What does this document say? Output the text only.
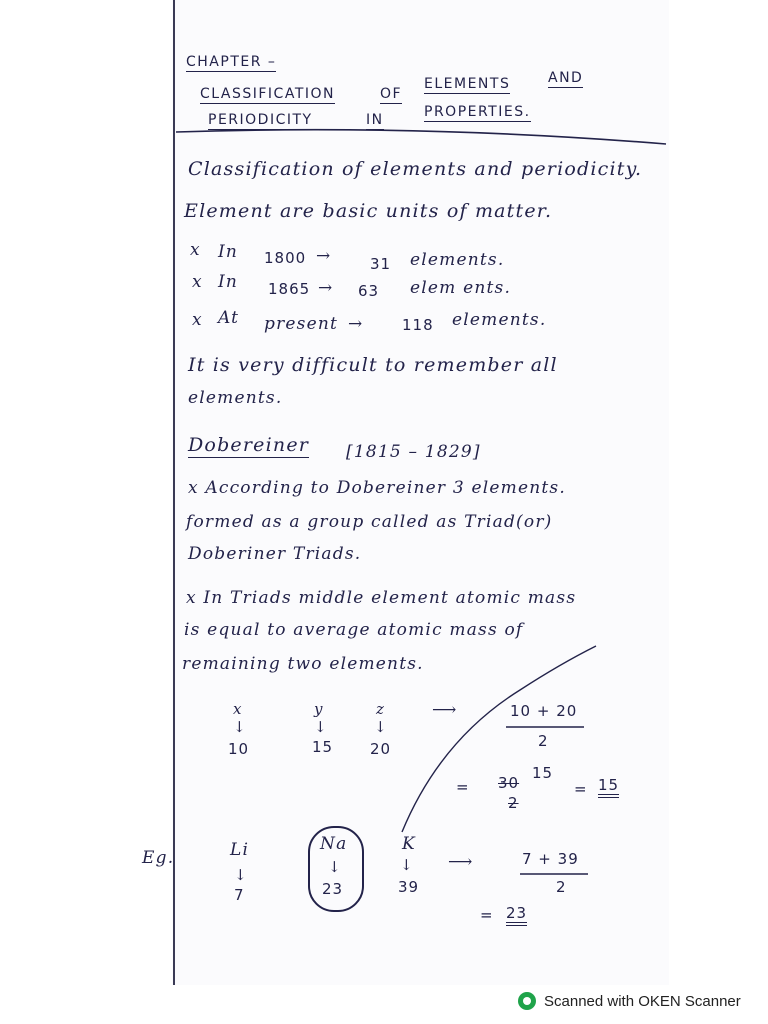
CHAPTER –
CLASSIFICATION	OF
ELEMENTS	AND
PERIODICITY	IN	PROPERTIES.
Classification of elements and periodicity.
Element are basic units of matter.
x In 1800 →	31 elements.
x In 1865 → 63 elem ents.
x At present →	118 elements.
It is very difficult to remember all
elements.
Dobereiner [1815 – 1829]
x According to Dobereiner 3 elements.
formed as a group called as Triad(or)
Doberiner Triads.
x In Triads middle element atomic mass
is equal to average atomic mass of
remaining two elements.
x	y	z
↓	↓	↓
10	15 20
⟶	10 + 20
2
= 30
2
15
= 15
Eg.	Li	Na	K
↓	↓	↓
7	23	39
⟶	7 + 39
2
= 23
Scanned with OKEN Scanner
